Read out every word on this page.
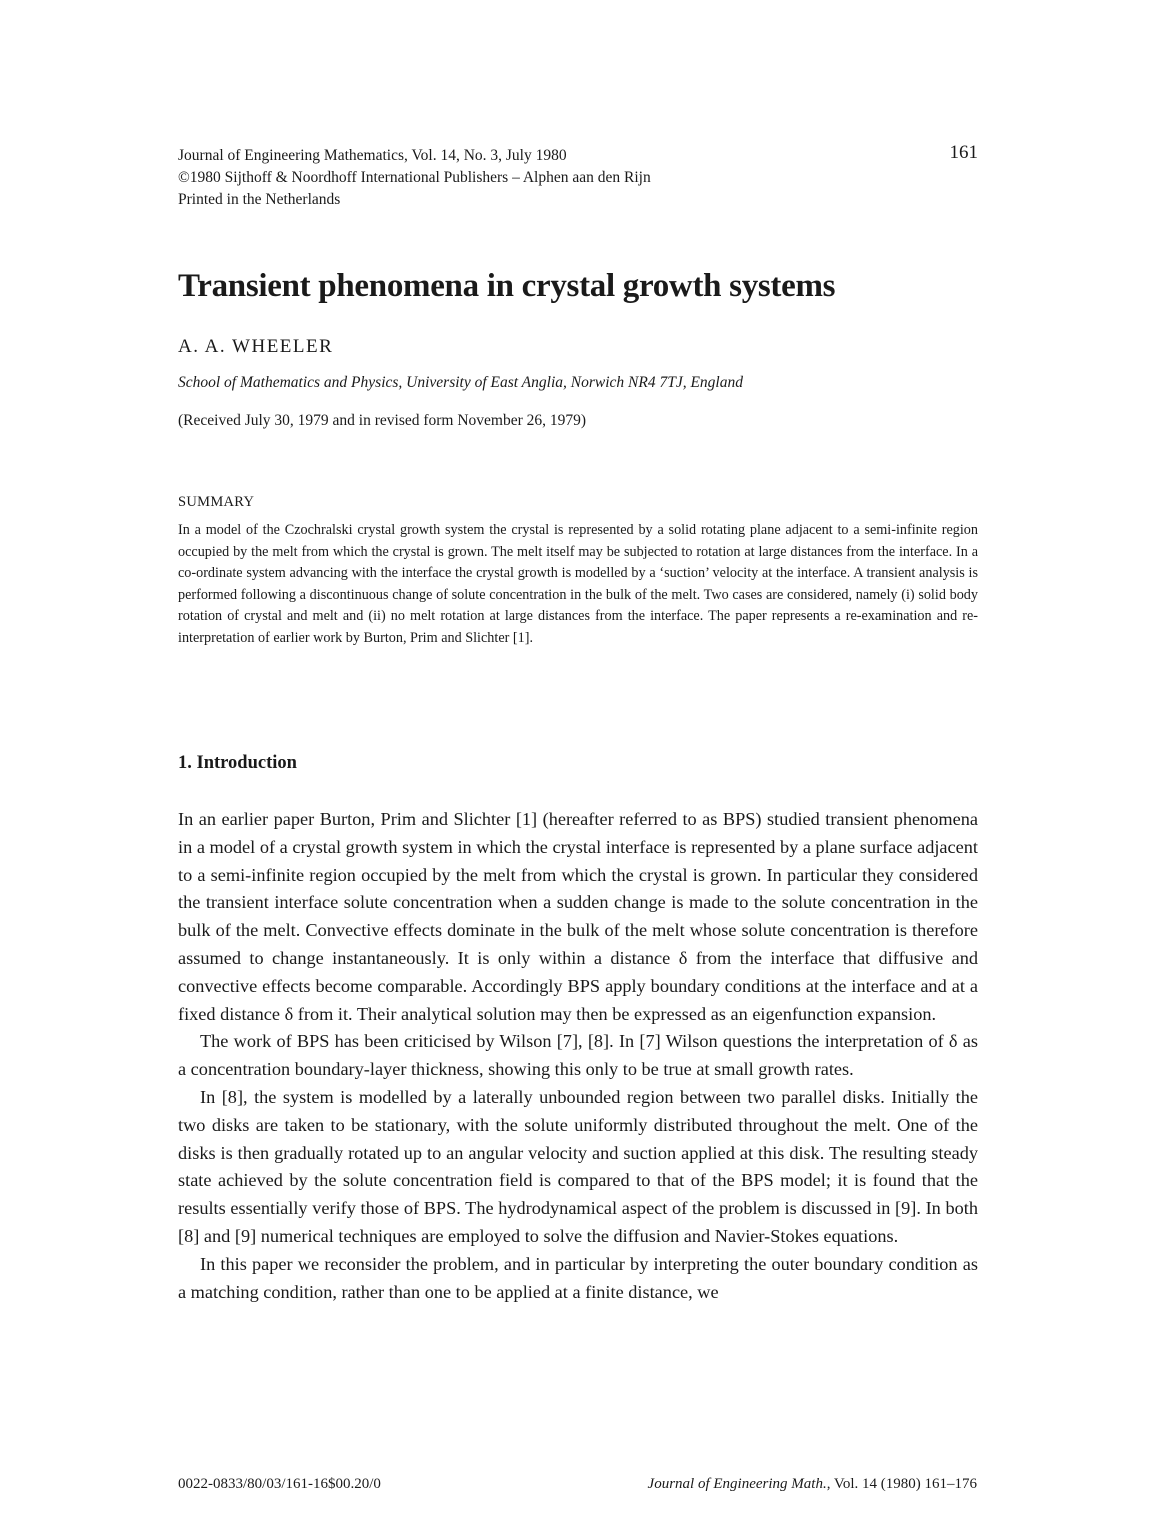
Journal of Engineering Mathematics, Vol. 14, No. 3, July 1980
©1980 Sijthoff & Noordhoff International Publishers – Alphen aan den Rijn
Printed in the Netherlands
161
Transient phenomena in crystal growth systems
A. A. WHEELER
School of Mathematics and Physics, University of East Anglia, Norwich NR4 7TJ, England
(Received July 30, 1979 and in revised form November 26, 1979)
SUMMARY

In a model of the Czochralski crystal growth system the crystal is represented by a solid rotating plane adjacent to a semi-infinite region occupied by the melt from which the crystal is grown. The melt itself may be subjected to rotation at large distances from the interface. In a co-ordinate system advancing with the interface the crystal growth is modelled by a ‘suction’ velocity at the interface. A transient analysis is performed following a discontinuous change of solute concentration in the bulk of the melt. Two cases are considered, namely (i) solid body rotation of crystal and melt and (ii) no melt rotation at large distances from the interface. The paper represents a re-examination and re-interpretation of earlier work by Burton, Prim and Slichter [1].

1. Introduction

In an earlier paper Burton, Prim and Slichter [1] (hereafter referred to as BPS) studied transient phenomena in a model of a crystal growth system in which the crystal interface is represented by a plane surface adjacent to a semi-infinite region occupied by the melt from which the crystal is grown. In particular they considered the transient interface solute concentration when a sudden change is made to the solute concentration in the bulk of the melt. Convective effects dominate in the bulk of the melt whose solute concentration is therefore assumed to change instantaneously. It is only within a distance δ from the interface that diffusive and convective effects become comparable. Accordingly BPS apply boundary conditions at the interface and at a fixed distance δ from it. Their analytical solution may then be expressed as an eigenfunction expansion.

The work of BPS has been criticised by Wilson [7], [8]. In [7] Wilson questions the interpretation of δ as a concentration boundary-layer thickness, showing this only to be true at small growth rates.

In [8], the system is modelled by a laterally unbounded region between two parallel disks. Initially the two disks are taken to be stationary, with the solute uniformly distributed throughout the melt. One of the disks is then gradually rotated up to an angular velocity and suction applied at this disk. The resulting steady state achieved by the solute concentration field is compared to that of the BPS model; it is found that the results essentially verify those of BPS. The hydrodynamical aspect of the problem is discussed in [9]. In both [8] and [9] numerical techniques are employed to solve the diffusion and Navier-Stokes equations.

In this paper we reconsider the problem, and in particular by interpreting the outer boundary condition as a matching condition, rather than one to be applied at a finite distance, we

0022-0833/80/03/161-16$00.20/0	Journal of Engineering Math., Vol. 14 (1980) 161–176
